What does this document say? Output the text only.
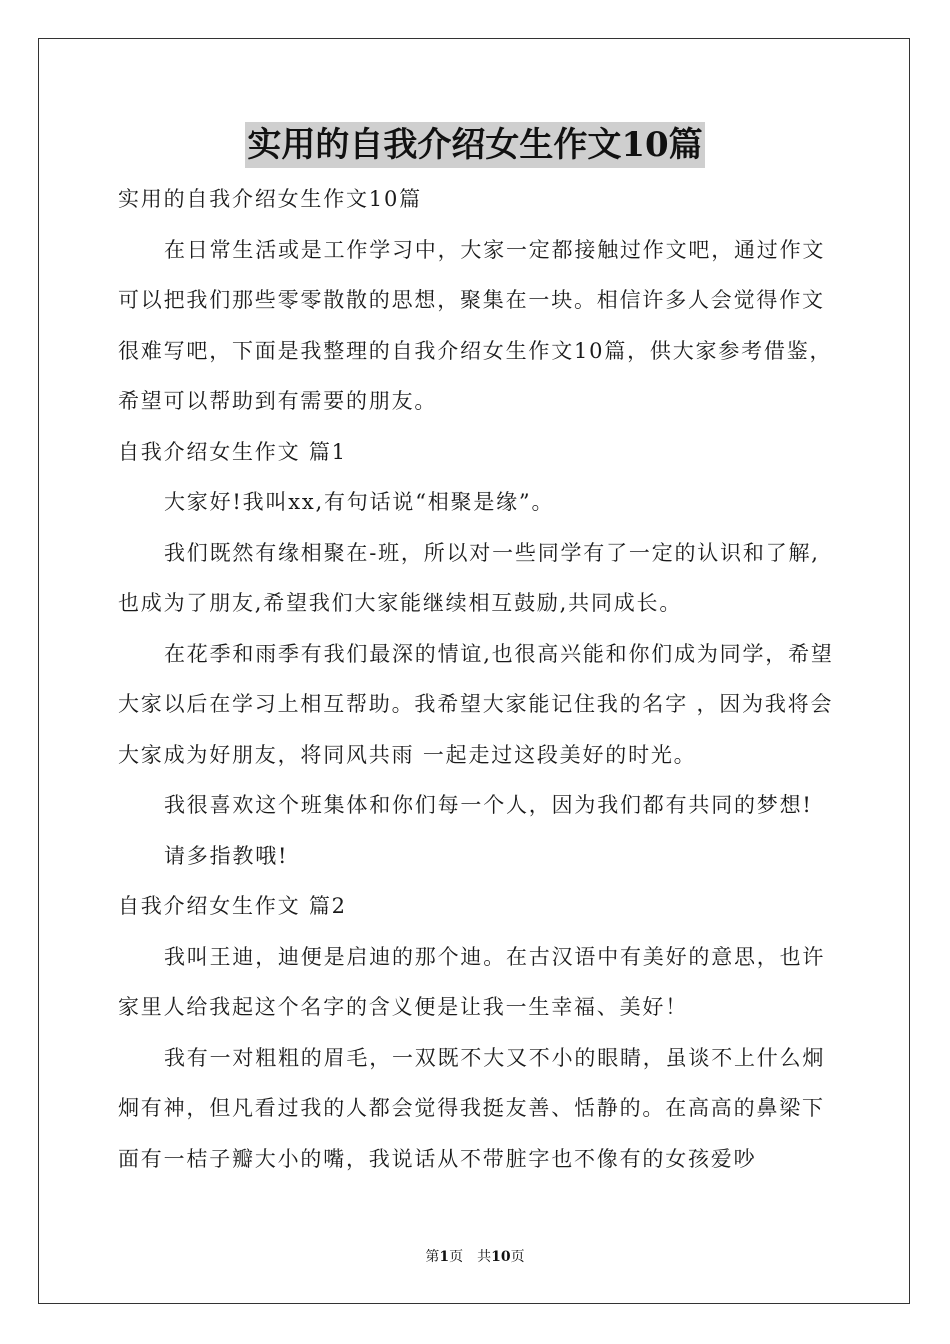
实用的自我介绍女生作文10篇

实用的自我介绍女生作文10篇

在日常生活或是工作学习中，大家一定都接触过作文吧，通过作文可以把我们那些零零散散的思想，聚集在一块。相信许多人会觉得作文很难写吧，下面是我整理的自我介绍女生作文10篇，供大家参考借鉴，希望可以帮助到有需要的朋友。

自我介绍女生作文 篇1

大家好!我叫xx,有句话说“相聚是缘”。

我们既然有缘相聚在-班，所以对一些同学有了一定的认识和了解,也成为了朋友,希望我们大家能继续相互鼓励,共同成长。

在花季和雨季有我们最深的情谊,也很高兴能和你们成为同学，希望大家以后在学习上相互帮助。我希望大家能记住我的名字 ，因为我将会大家成为好朋友，将同风共雨 一起走过这段美好的时光。

我很喜欢这个班集体和你们每一个人，因为我们都有共同的梦想!

请多指教哦!

自我介绍女生作文 篇2

我叫王迪，迪便是启迪的那个迪。在古汉语中有美好的意思，也许家里人给我起这个名字的含义便是让我一生幸福、美好！

我有一对粗粗的眉毛，一双既不大又不小的眼睛，虽谈不上什么炯炯有神，但凡看过我的人都会觉得我挺友善、恬静的。在高高的鼻梁下面有一桔子瓣大小的嘴，我说话从不带脏字也不像有的女孩爱吵

第1页　共10页
